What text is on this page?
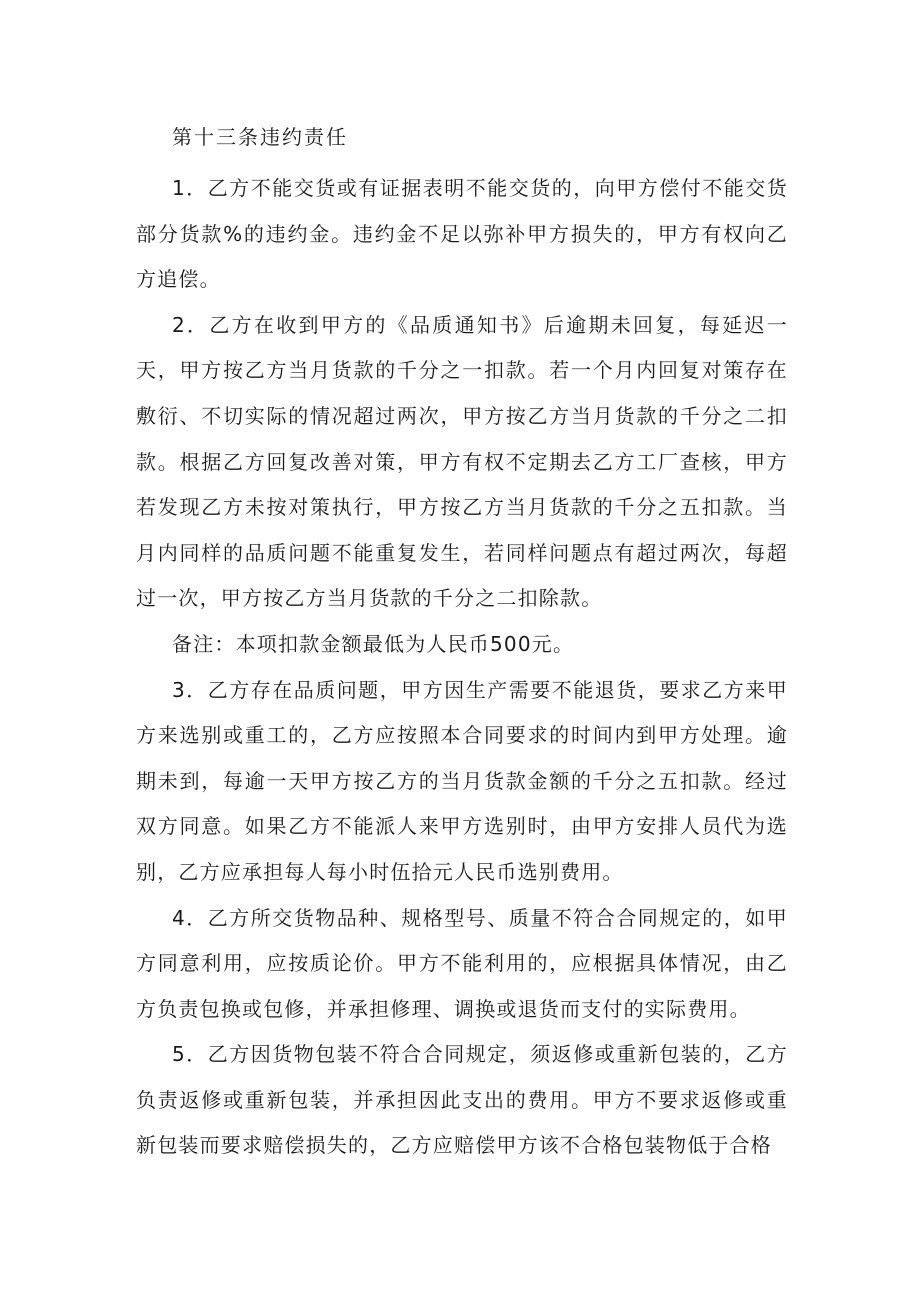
第十三条违约责任

1．乙方不能交货或有证据表明不能交货的，向甲方偿付不能交货部分货款%的违约金。违约金不足以弥补甲方损失的，甲方有权向乙方追偿。

2．乙方在收到甲方的《品质通知书》后逾期未回复，每延迟一天，甲方按乙方当月货款的千分之一扣款。若一个月内回复对策存在敷衍、不切实际的情况超过两次，甲方按乙方当月货款的千分之二扣款。根据乙方回复改善对策，甲方有权不定期去乙方工厂查核，甲方若发现乙方未按对策执行，甲方按乙方当月货款的千分之五扣款。当月内同样的品质问题不能重复发生，若同样问题点有超过两次，每超过一次，甲方按乙方当月货款的千分之二扣除款。

备注：本项扣款金额最低为人民币500元。

3．乙方存在品质问题，甲方因生产需要不能退货，要求乙方来甲方来选别或重工的，乙方应按照本合同要求的时间内到甲方处理。逾期未到，每逾一天甲方按乙方的当月货款金额的千分之五扣款。经过双方同意。如果乙方不能派人来甲方选别时，由甲方安排人员代为选别，乙方应承担每人每小时伍拾元人民币选别费用。

4．乙方所交货物品种、规格型号、质量不符合合同规定的，如甲方同意利用，应按质论价。甲方不能利用的，应根据具体情况，由乙方负责包换或包修，并承担修理、调换或退货而支付的实际费用。

5．乙方因货物包装不符合合同规定，须返修或重新包装的，乙方负责返修或重新包装，并承担因此支出的费用。甲方不要求返修或重新包装而要求赔偿损失的，乙方应赔偿甲方该不合格包装物低于合格
